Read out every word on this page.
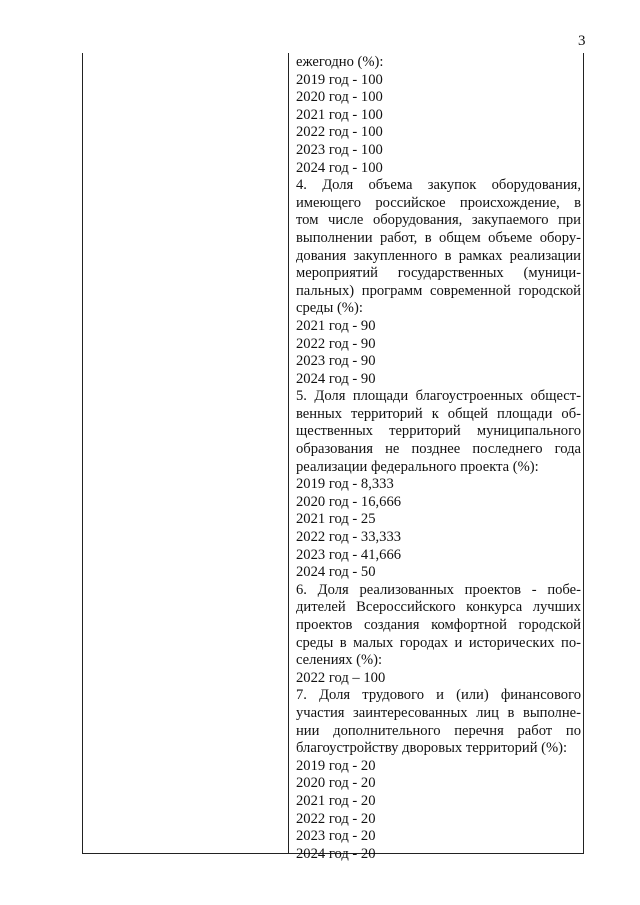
3
ежегодно (%):
2019 год - 100
2020 год - 100
2021 год - 100
2022 год - 100
2023 год - 100
2024 год - 100
4. Доля объема закупок оборудования,
имеющего российское происхождение, в
том числе оборудования, закупаемого при
выполнении работ, в общем объеме обору-
дования закупленного в рамках реализации
мероприятий государственных (муници-
пальных) программ современной городской
среды (%):
2021 год - 90
2022 год - 90
2023 год - 90
2024 год - 90
5. Доля площади благоустроенных общест-
венных территорий к общей площади об-
щественных территорий муниципального
образования не позднее последнего года
реализации федерального проекта (%):
2019 год - 8,333
2020 год - 16,666
2021 год - 25
2022 год - 33,333
2023 год - 41,666
2024 год - 50
6. Доля реализованных проектов - побе-
дителей Всероссийского конкурса лучших
проектов создания комфортной городской
среды в малых городах и исторических по-
селениях (%):
2022 год – 100
7. Доля трудового и (или) финансового
участия заинтересованных лиц в выполне-
нии дополнительного перечня работ по
благоустройству дворовых территорий (%):
2019 год - 20
2020 год - 20
2021 год - 20
2022 год - 20
2023 год - 20
2024 год - 20
